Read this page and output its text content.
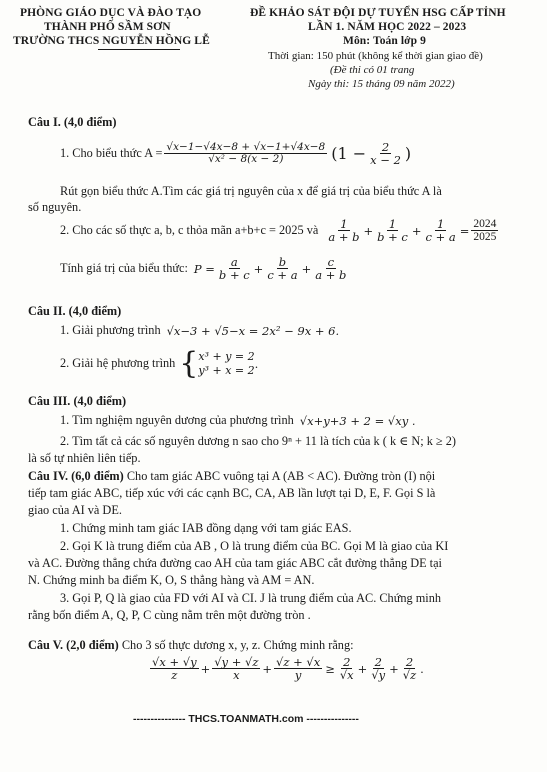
PHÒNG GIÁO DỤC VÀ ĐÀO TẠO
THÀNH PHỐ SẦM SƠN
TRƯỜNG THCS NGUYỄN HỒNG LỄ
ĐỀ KHẢO SÁT ĐỘI DỰ TUYỂN HSG CẤP TỈNH
LẦN 1. NĂM HỌC 2022 – 2023
Môn: Toán lớp 9
Thời gian: 150 phút (không kể thời gian giao đề)
(Đề thi có 01 trang
Ngày thi: 15 tháng 09 năm 2022)
Câu I. (4,0 điểm)
1. Cho biểu thức $A = \frac{√x-1-√4x-8 + √x-1+√4x-8}{\text{√x² − 8(x − 2)}} (1 - \frac{2}{x - 2}$ )
Rút gọn biểu thức A.Tìm các giá trị nguyên của x để giá trị của biểu thức A là
số nguyên.
2. Cho các số thực a, b, c thỏa mãn a+b+c = 2025 và $\frac{1}{a + b} + \frac{1}{b + c} + \frac{1}{c + a} = \frac{2024}{2025}$
Tính giá trị của biểu thức: $P = \frac{a}{b + c} + \frac{b}{c + a} + \frac{c}{a + b}$
Câu II. (4,0 điểm)
1. Giải phương trình √x−3 + √5−x = 2x² − 9x + 6.
2. Giải hệ phương trình { x³ + y = 2
y³ + x = 2 .
Câu III. (4,0 điểm)
1. Tìm nghiệm nguyên dương của phương trình √x+y+3 + 2 = √xy .
2. Tìm tất cả các số nguyên dương n sao cho 9ⁿ + 11 là tích của k ( k ∈ N; k ≥ 2)
là số tự nhiên liên tiếp.
Câu IV. (6,0 điểm) Cho tam giác ABC vuông tại A (AB < AC). Đường tròn (I) nội
tiếp tam giác ABC, tiếp xúc với các cạnh BC, CA, AB lần lượt tại D, E, F. Gọi S là
giao của AI và DE.
1. Chứng minh tam giác IAB đồng dạng với tam giác EAS.
2. Gọi K là trung điểm của AB , O là trung điểm của BC. Gọi M là giao của KI
và AC. Đường thẳng chứa đường cao AH của tam giác ABC cắt đường thẳng DE tại
N. Chứng minh ba điểm K, O, S thẳng hàng và AM = AN.
3. Gọi P, Q là giao của FD với AI và CI. J là trung điểm của AC. Chứng minh
rằng bốn điểm A, Q, P, C cùng nằm trên một đường tròn .
Câu V. (2,0 điểm) Cho 3 số thực dương x, y, z. Chứng minh rằng:
$\frac{√x + √y}{z} + \frac{√y + √z}{x} + \frac{√z + √x}{y} \ge \frac{2}{√x} + \frac{2}{√y} + \frac{2}{√z}$ .
--------------- THCS.TOANMATH.com ---------------
